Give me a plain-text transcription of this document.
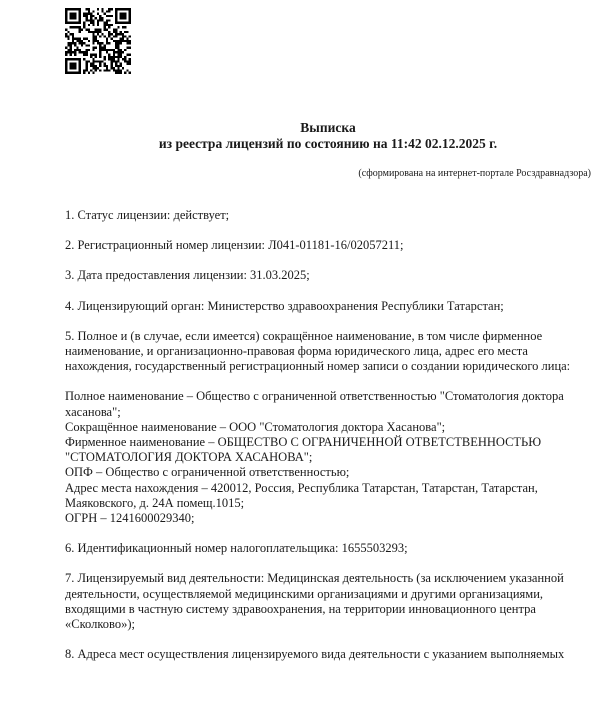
Выписка
из реестра лицензий по состоянию на 11:42 02.12.2025 г.
(сформирована на интернет-портале Росздравнадзора)
1. Статус лицензии: действует;
2. Регистрационный номер лицензии: Л041-01181-16/02057211;
3. Дата предоставления лицензии: 31.03.2025;
4. Лицензирующий орган: Министерство здравоохранения Республики Татарстан;
5. Полное и (в случае, если имеется) сокращённое наименование, в том числе фирменное наименование, и организационно-правовая форма юридического лица, адрес его места нахождения, государственный регистрационный номер записи о создании юридического лица:
Полное наименование – Общество с ограниченной ответственностью "Стоматология доктора хасанова";
Сокращённое наименование – ООО "Стоматология доктора Хасанова";
Фирменное наименование – ОБЩЕСТВО С ОГРАНИЧЕННОЙ ОТВЕТСТВЕННОСТЬЮ "СТОМАТОЛОГИЯ ДОКТОРА ХАСАНОВА";
ОПФ – Общество с ограниченной ответственностью;
Адрес места нахождения – 420012, Россия, Республика Татарстан, Татарстан, Татарстан, Маяковского, д. 24А помещ.1015;
ОГРН – 1241600029340;
6. Идентификационный номер налогоплательщика: 1655503293;
7. Лицензируемый вид деятельности: Медицинская деятельность (за исключением указанной деятельности, осуществляемой медицинскими организациями и другими организациями, входящими в частную систему здравоохранения, на территории инновационного центра «Сколково»);
8. Адреса мест осуществления лицензируемого вида деятельности с указанием выполняемых
